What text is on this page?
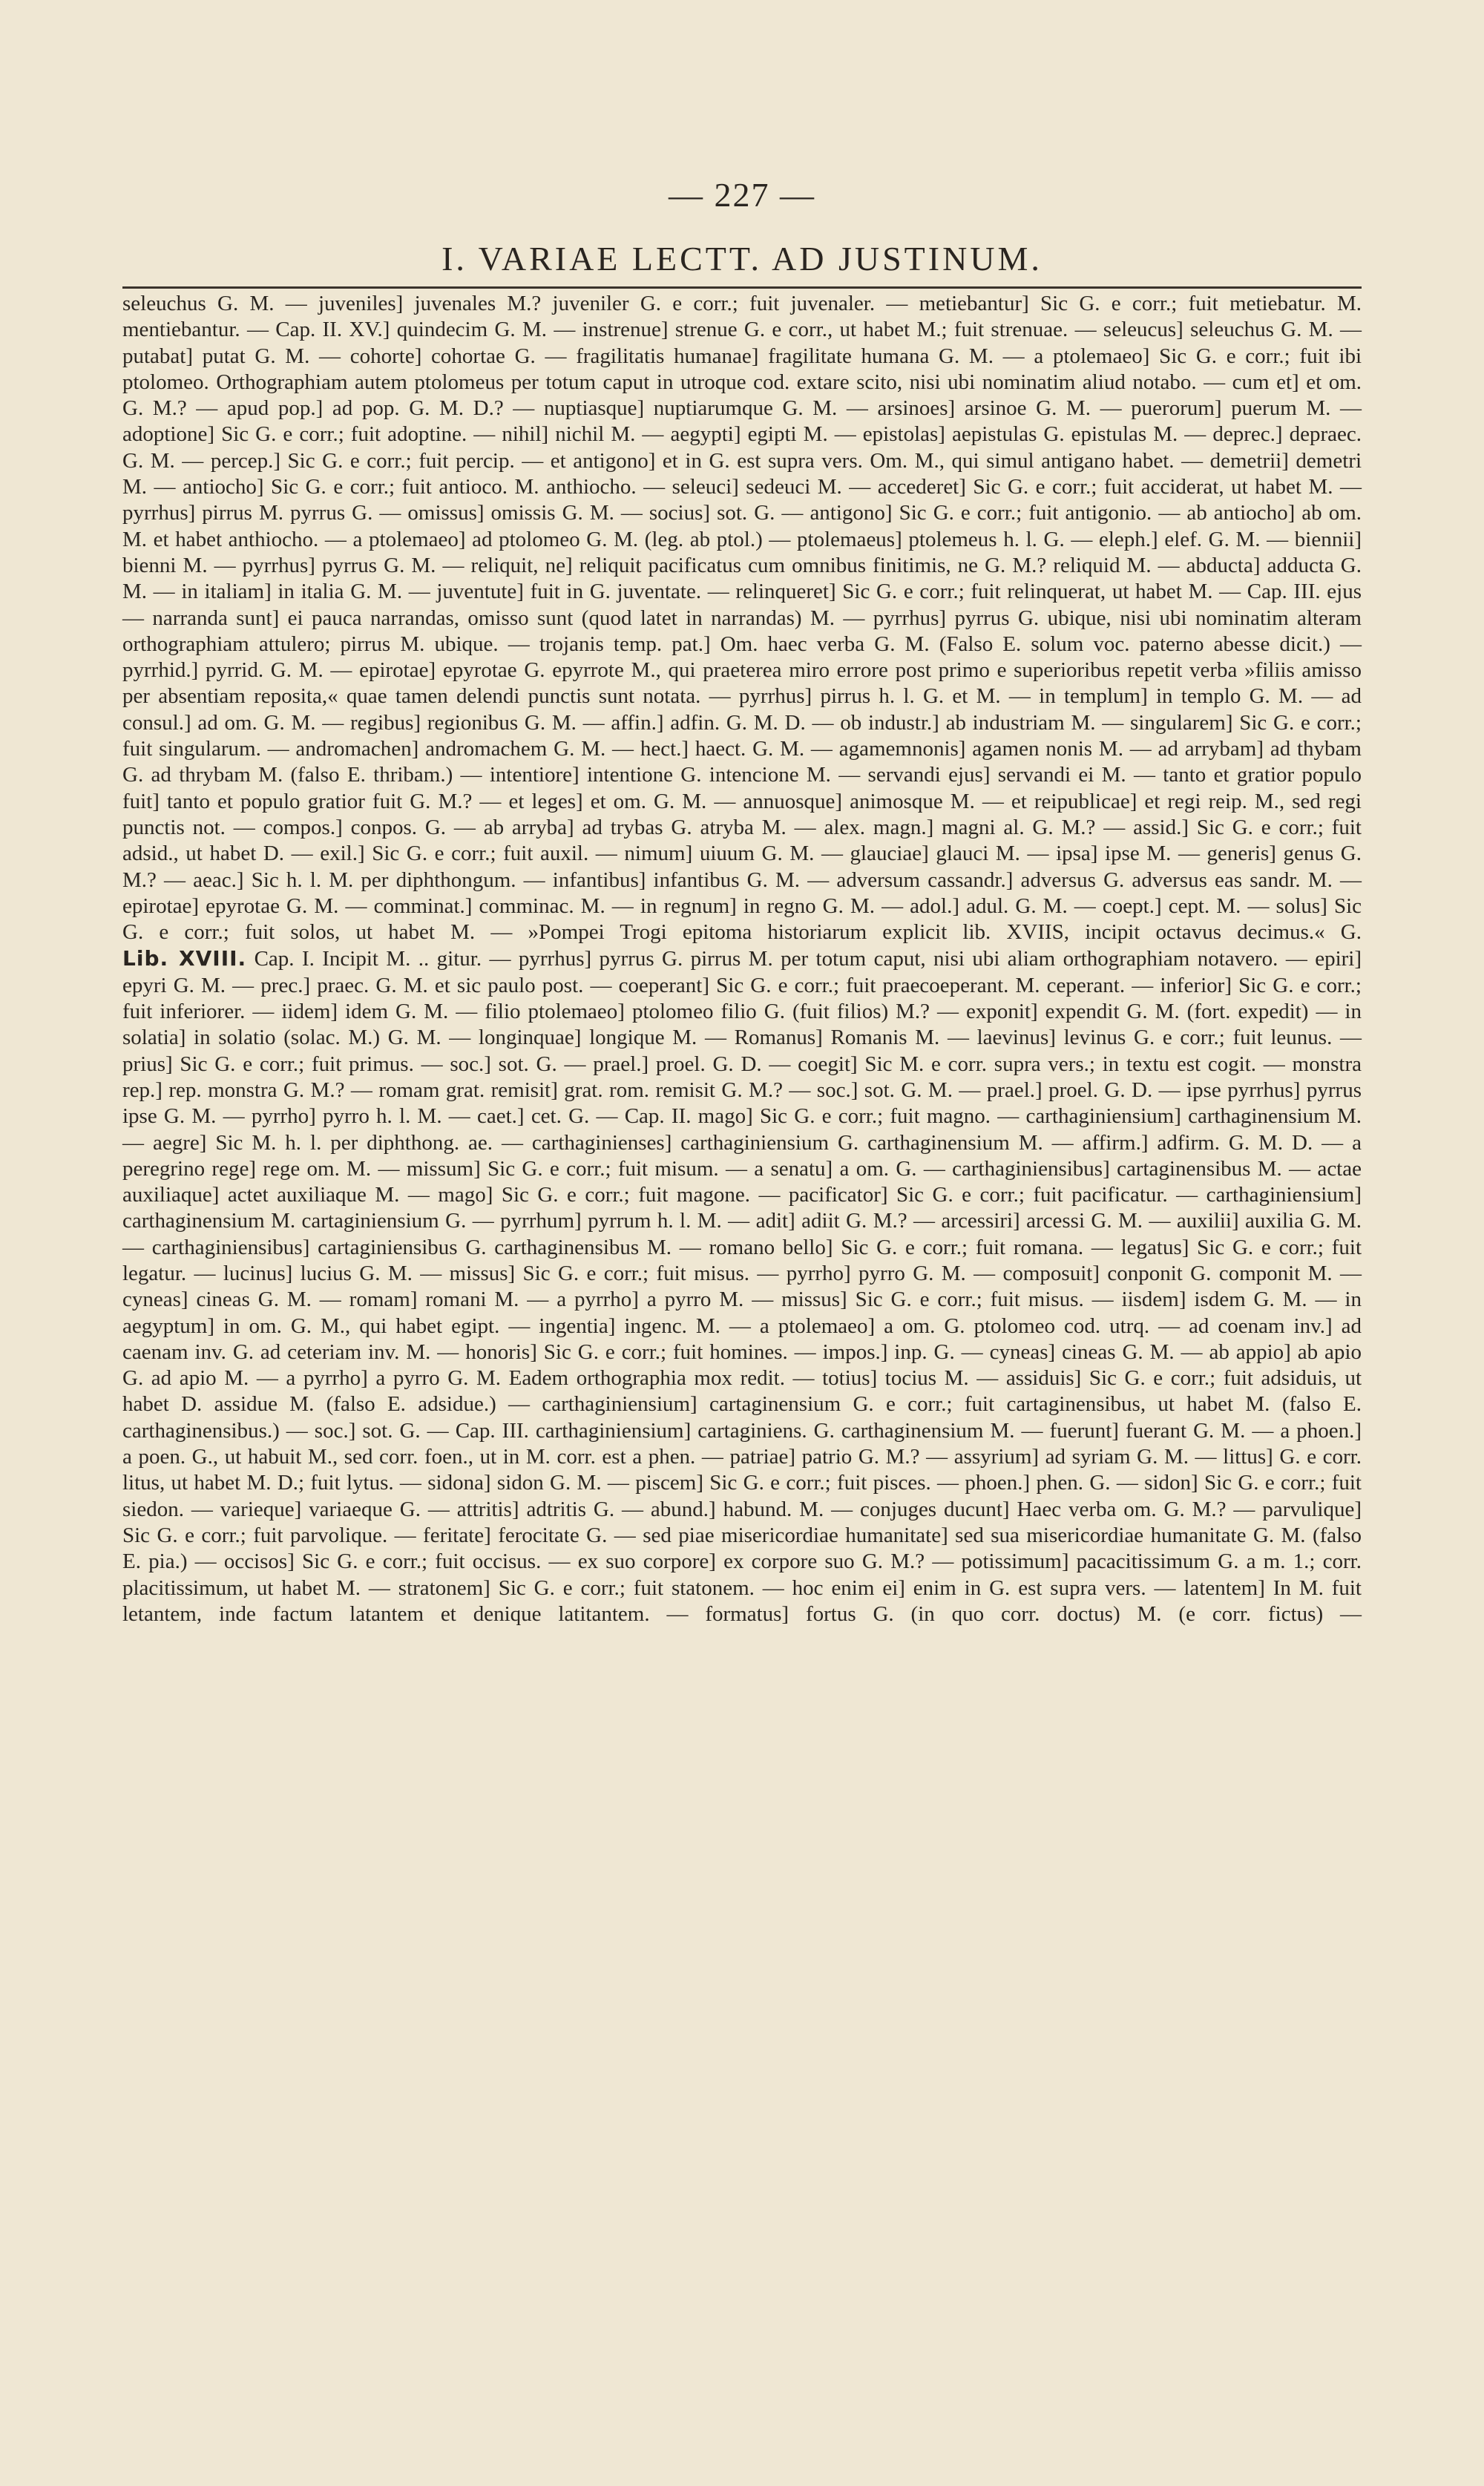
— 227 —
I. VARIAE LECTT. AD JUSTINUM.

seleuchus G. M. — juveniles] juvenales M.? juveniler G. e corr.; fuit juvenaler. — metiebantur] Sic G. e corr.; fuit metiebatur. M. mentiebantur. — Cap. II. XV.] quindecim G. M. — instrenue] strenue G. e corr., ut habet M.; fuit strenuae. — seleucus] seleuchus G. M. — putabat] putat G. M. — cohorte] cohortae G. — fragilitatis humanae] fragilitate humana G. M. — a ptolemaeo] Sic G. e corr.; fuit ibi ptolomeo. Orthographiam autem ptolomeus per totum caput in utroque cod. extare scito, nisi ubi nominatim aliud notabo. — cum et] et om. G. M.? — apud pop.] ad pop. G. M. D.? — nuptiasque] nuptiarumque G. M. — arsinoes] arsinoe G. M. — puerorum] puerum M. — adoptione] Sic G. e corr.; fuit adoptine. — nihil] nichil M. — aegypti] egipti M. — epistolas] aepistulas G. epistulas M. — deprec.] depraec. G. M. — percep.] Sic G. e corr.; fuit percip. — et antigono] et in G. est supra vers. Om. M., qui simul antigano habet. — demetrii] demetri M. — antiocho] Sic G. e corr.; fuit antioco. M. anthiocho. — seleuci] sedeuci M. — accederet] Sic G. e corr.; fuit acciderat, ut habet M. — pyrrhus] pirrus M. pyrrus G. — omissus] omissis G. M. — socius] sot. G. — antigono] Sic G. e corr.; fuit antigonio. — ab antiocho] ab om. M. et habet anthiocho. — a ptolemaeo] ad ptolomeo G. M. (leg. ab ptol.) — ptolemaeus] ptolemeus h. l. G. — eleph.] elef. G. M. — biennii] bienni M. — pyrrhus] pyrrus G. M. — reliquit, ne] reliquit pacificatus cum omnibus finitimis, ne G. M.? reliquid M. — abducta] adducta G. M. — in italiam] in italia G. M. — juventute] fuit in G. juventate. — relinqueret] Sic G. e corr.; fuit relinquerat, ut habet M. — Cap. III. ejus — narranda sunt] ei pauca narrandas, omisso sunt (quod latet in narrandas) M. — pyrrhus] pyrrus G. ubique, nisi ubi nominatim alteram orthographiam attulero; pirrus M. ubique. — trojanis temp. pat.] Om. haec verba G. M. (Falso E. solum voc. paterno abesse dicit.) — pyrrhid.] pyrrid. G. M. — epirotae] epyrotae G. epyrrote M., qui praeterea miro errore post primo e superioribus repetit verba »filiis amisso per absentiam reposita,« quae tamen delendi punctis sunt notata. — pyrrhus] pirrus h. l. G. et M. — in templum] in templo G. M. — ad consul.] ad om. G. M. — regibus] regionibus G. M. — affin.] adfin. G. M. D. — ob industr.] ab industriam M. — singularem] Sic G. e corr.; fuit singularum. — andromachen] andromachem G. M. — hect.] haect. G. M. — agamemnonis] agamen nonis M. — ad arrybam] ad thybam G. ad thrybam M. (falso E. thribam.) — intentiore] intentione G. intencione M. — servandi ejus] servandi ei M. — tanto et gratior populo fuit] tanto et populo gratior fuit G. M.? — et leges] et om. G. M. — annuosque] animosque M. — et reipublicae] et regi reip. M., sed regi punctis not. — compos.] conpos. G. — ab arryba] ad trybas G. atryba M. — alex. magn.] magni al. G. M.? — assid.] Sic G. e corr.; fuit adsid., ut habet D. — exil.] Sic G. e corr.; fuit auxil. — nimum] uiuum G. M. — glauciae] glauci M. — ipsa] ipse M. — generis] genus G. M.? — aeac.] Sic h. l. M. per diphthongum. — infantibus] infantibus G. M. — adversum cassandr.] adversus G. adversus eas sandr. M. — epirotae] epyrotae G. M. — comminat.] comminac. M. — in regnum] in regno G. M. — adol.] adul. G. M. — coept.] cept. M. — solus] Sic G. e corr.; fuit solos, ut habet M. — »Pompei Trogi epitoma historiarum explicit lib. XVIIS, incipit octavus decimus.« G.

Lib. XVIII. Cap. I. Incipit M. .. gitur. — pyrrhus] pyrrus G. pirrus M. per totum caput, nisi ubi aliam orthographiam notavero. — epiri] epyri G. M. — prec.] praec. G. M. et sic paulo post. — coeperant] Sic G. e corr.; fuit praecoeperant. M. ceperant. — inferior] Sic G. e corr.; fuit inferiorer. — iidem] idem G. M. — filio ptolemaeo] ptolomeo filio G. (fuit filios) M.? — exponit] expendit G. M. (fort. expedit) — in solatia] in solatio (solac. M.) G. M. — longinquae] longique M. — Romanus] Romanis M. — laevinus] levinus G. e corr.; fuit leunus. — prius] Sic G. e corr.; fuit primus. — soc.] sot. G. — prael.] proel. G. D. — coegit] Sic M. e corr. supra vers.; in textu est cogit. — monstra rep.] rep. monstra G. M.? — romam grat. remisit] grat. rom. remisit G. M.? — soc.] sot. G. M. — prael.] proel. G. D. — ipse pyrrhus] pyrrus ipse G. M. — pyrrho] pyrro h. l. M. — caet.] cet. G. — Cap. II. mago] Sic G. e corr.; fuit magno. — carthaginiensium] carthaginensium M. — aegre] Sic M. h. l. per diphthong. ae. — carthaginienses] carthaginiensium G. carthaginensium M. — affirm.] adfirm. G. M. D. — a peregrino rege] rege om. M. — missum] Sic G. e corr.; fuit misum. — a senatu] a om. G. — carthaginiensibus] cartaginensibus M. — actae auxiliaque] actet auxiliaque M. — mago] Sic G. e corr.; fuit magone. — pacificator] Sic G. e corr.; fuit pacificatur. — carthaginiensium] carthaginensium M. cartaginiensium G. — pyrrhum] pyrrum h. l. M. — adit] adiit G. M.? — arcessiri] arcessi G. M. — auxilii] auxilia G. M. — carthaginiensibus] cartaginiensibus G. carthaginensibus M. — romano bello] Sic G. e corr.; fuit romana. — legatus] Sic G. e corr.; fuit legatur. — lucinus] lucius G. M. — missus] Sic G. e corr.; fuit misus. — pyrrho] pyrro G. M. — composuit] conponit G. componit M. — cyneas] cineas G. M. — romam] romani M. — a pyrrho] a pyrro M. — missus] Sic G. e corr.; fuit misus. — iisdem] isdem G. M. — in aegyptum] in om. G. M., qui habet egipt. — ingentia] ingenc. M. — a ptolemaeo] a om. G. ptolomeo cod. utrq. — ad coenam inv.] ad caenam inv. G. ad ceteriam inv. M. — honoris] Sic G. e corr.; fuit homines. — impos.] inp. G. — cyneas] cineas G. M. — ab appio] ab apio G. ad apio M. — a pyrrho] a pyrro G. M. Eadem orthographia mox redit. — totius] tocius M. — assiduis] Sic G. e corr.; fuit adsiduis, ut habet D. assidue M. (falso E. adsidue.) — carthaginiensium] cartaginensium G. e corr.; fuit cartaginensibus, ut habet M. (falso E. carthaginensibus.) — soc.] sot. G. — Cap. III. carthaginiensium] cartaginiens. G. carthaginensium M. — fuerunt] fuerant G. M. — a phoen.] a poen. G., ut habuit M., sed corr. foen., ut in M. corr. est a phen. — patriae] patrio G. M.? — assyrium] ad syriam G. M. — littus] G. e corr. litus, ut habet M. D.; fuit lytus. — sidona] sidon G. M. — piscem] Sic G. e corr.; fuit pisces. — phoen.] phen. G. — sidon] Sic G. e corr.; fuit siedon. — varieque] variaeque G. — attritis] adtritis G. — abund.] habund. M. — conjuges ducunt] Haec verba om. G. M.? — parvulique] Sic G. e corr.; fuit parvolique. — feritate] ferocitate G. — sed piae misericordiae humanitate] sed sua misericordiae humanitate G. M. (falso E. pia.) — occisos] Sic G. e corr.; fuit occisus. — ex suo corpore] ex corpore suo G. M.? — potissimum] pacacitissimum G. a m. 1.; corr. placitissimum, ut habet M. — stratonem] Sic G. e corr.; fuit statonem. — hoc enim ei] enim in G. est supra vers. — latentem] In M. fuit letantem, inde factum latantem et denique latitantem. — formatus] fortus G. (in quo corr. doctus) M. (e corr. fictus) —
